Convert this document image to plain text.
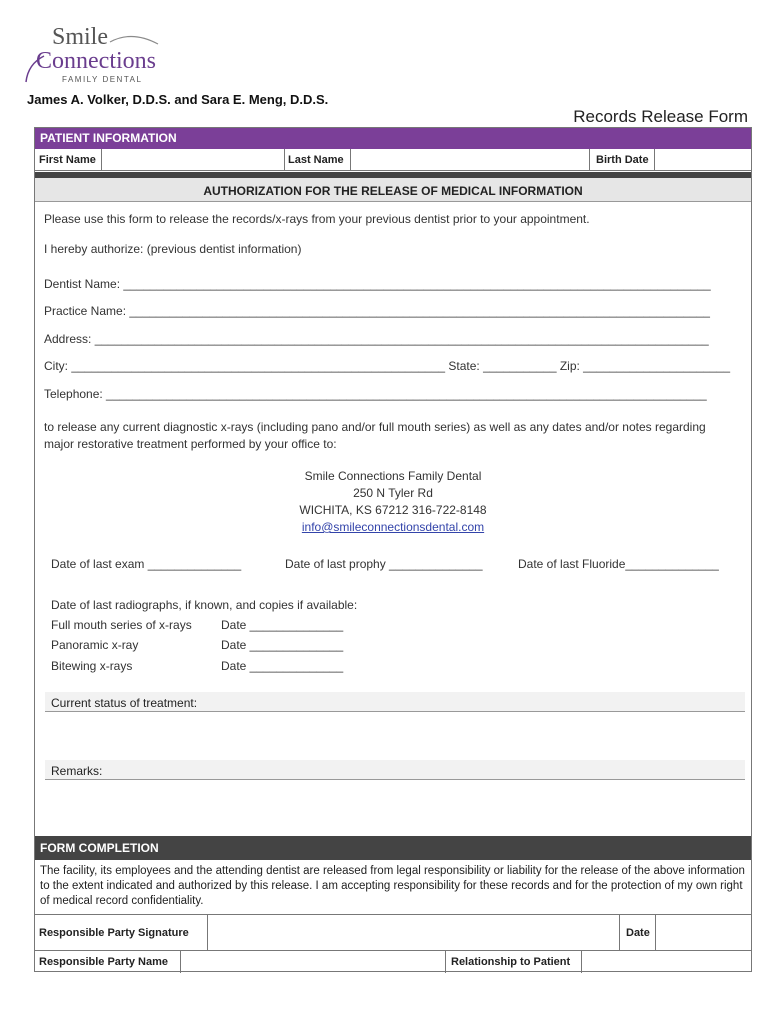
Smile
Connections
FAMILY DENTAL
James A. Volker, D.D.S. and Sara E. Meng, D.D.S.
Records Release Form
PATIENT INFORMATION
First Name	Last Name	Birth Date
AUTHORIZATION FOR THE RELEASE OF MEDICAL INFORMATION
Please use this form to release the records/x-rays from your previous dentist prior to your appointment.
I hereby authorize: (previous dentist information)
Dentist Name: ________________________________________________________________________________________
Practice Name: _______________________________________________________________________________________
Address: ____________________________________________________________________________________________
City: ________________________________________________________ State: ___________ Zip: ______________________
Telephone: __________________________________________________________________________________________
to release any current diagnostic x-rays (including pano and/or full mouth series) as well as any dates and/or notes regarding
major restorative treatment performed by your office to:
Smile Connections Family Dental
250 N Tyler Rd
WICHITA, KS 67212 316-722-8148
info@smileconnectionsdental.com
Date of last exam ______________	Date of last prophy ______________	Date of last Fluoride______________
Date of last radiographs, if known, and copies if available:
Full mouth series of x-rays Date ______________
Panoramic x-ray	Date ______________
Bitewing x-rays	Date ______________
Current status of treatment:
Remarks:
FORM COMPLETION
The facility, its employees and the attending dentist are released from legal responsibility or liability for the release of the above information to the extent indicated and authorized by this release. I am accepting responsibility for these records and for the protection of my own right of medical record confidentiality.
Responsible Party Signature	Date
Responsible Party Name	Relationship to Patient
